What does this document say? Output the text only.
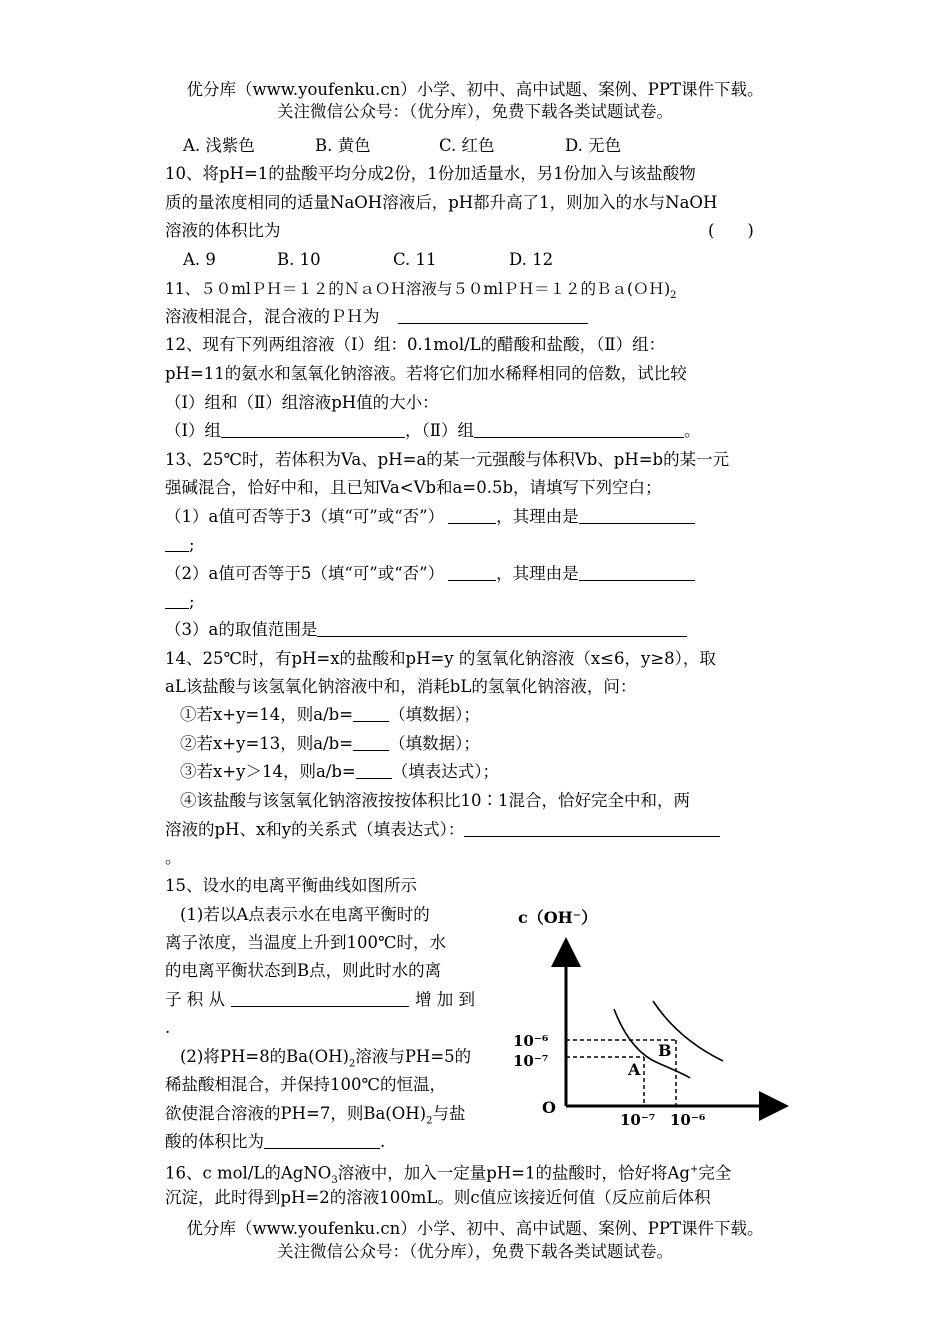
优分库（www.youfenku.cn）小学、初中、高中试题、案例、PPT课件下载。
关注微信公众号：（优分库），免费下载各类试题试卷。
A. 浅紫色	B. 黄色	C. 红色	D. 无色
10、将pH=1的盐酸平均分成2份，1份加适量水，另1份加入与该盐酸物
质的量浓度相同的适量NaOH溶液后，pH都升高了1，则加入的水与NaOH
溶液的体积比为	(　　)
A. 9	B. 10	C. 11	D. 12
11、５０mlＰＨ＝１２的ＮａＯＨ溶液与５０mlＰＨ＝１２的$Ba(OH)_2$
溶液相混合，混合液的ＰＨ为
12、现有下列两组溶液（Ⅰ）组：0.1mol/L的醋酸和盐酸，（Ⅱ）组：
pH=11的氨水和氢氧化钠溶液。若将它们加水稀释相同的倍数，试比较
（Ⅰ）组和（Ⅱ）组溶液pH值的大小：
（Ⅰ）组	，（Ⅱ）组	。
13、25℃时，若体积为Va、pH=a的某一元强酸与体积Vb、pH=b的某一元
强碱混合，恰好中和，且已知Va<Vb和a=0.5b，请填写下列空白；
（1）a值可否等于3（填“可”或“否”）	，其理由是
;
（2）a值可否等于5（填“可”或“否”）	，其理由是
;
（3）a的取值范围是
14、25℃时，有pH=x的盐酸和pH=y 的氢氧化钠溶液（x≤6，y≥8），取
aL该盐酸与该氢氧化钠溶液中和，消耗bL的氢氧化钠溶液，问：
①若x+y=14，则a/b= （填数据）；
②若x+y=13，则a/b= （填数据）；
③若x+y＞14，则a/b= （填表达式）；
④该盐酸与该氢氧化钠溶液按按体积比10∶1混合，恰好完全中和，两
溶液的pH、x和y的关系式（填表达式）：
。
15、设水的电离平衡曲线如图所示
(1)若以A点表示水在电离平衡时的
离子浓度，当温度上升到100℃时，水
的电离平衡状态到B点，则此时水的离
子 积 从	增 加 到
.
(2)将PH=8的$Ba(OH)_2$溶液与PH=5的
稀盐酸相混合，并保持100℃的恒温，
欲使混合溶液的PH=7，则$Ba(OH)_2$与盐
酸的体积比为	.
c（OH⁻）
O
10⁻⁶
10⁻⁷
10⁻⁷ 10⁻⁶
A
B
16、c mol/L的AgNO$_3$溶液中，加入一定量pH=1的盐酸时，恰好将Ag+完全
沉淀，此时得到pH=2的溶液100mL。则c值应该接近何值（反应前后体积
优分库（www.youfenku.cn）小学、初中、高中试题、案例、PPT课件下载。
关注微信公众号：（优分库），免费下载各类试题试卷。
